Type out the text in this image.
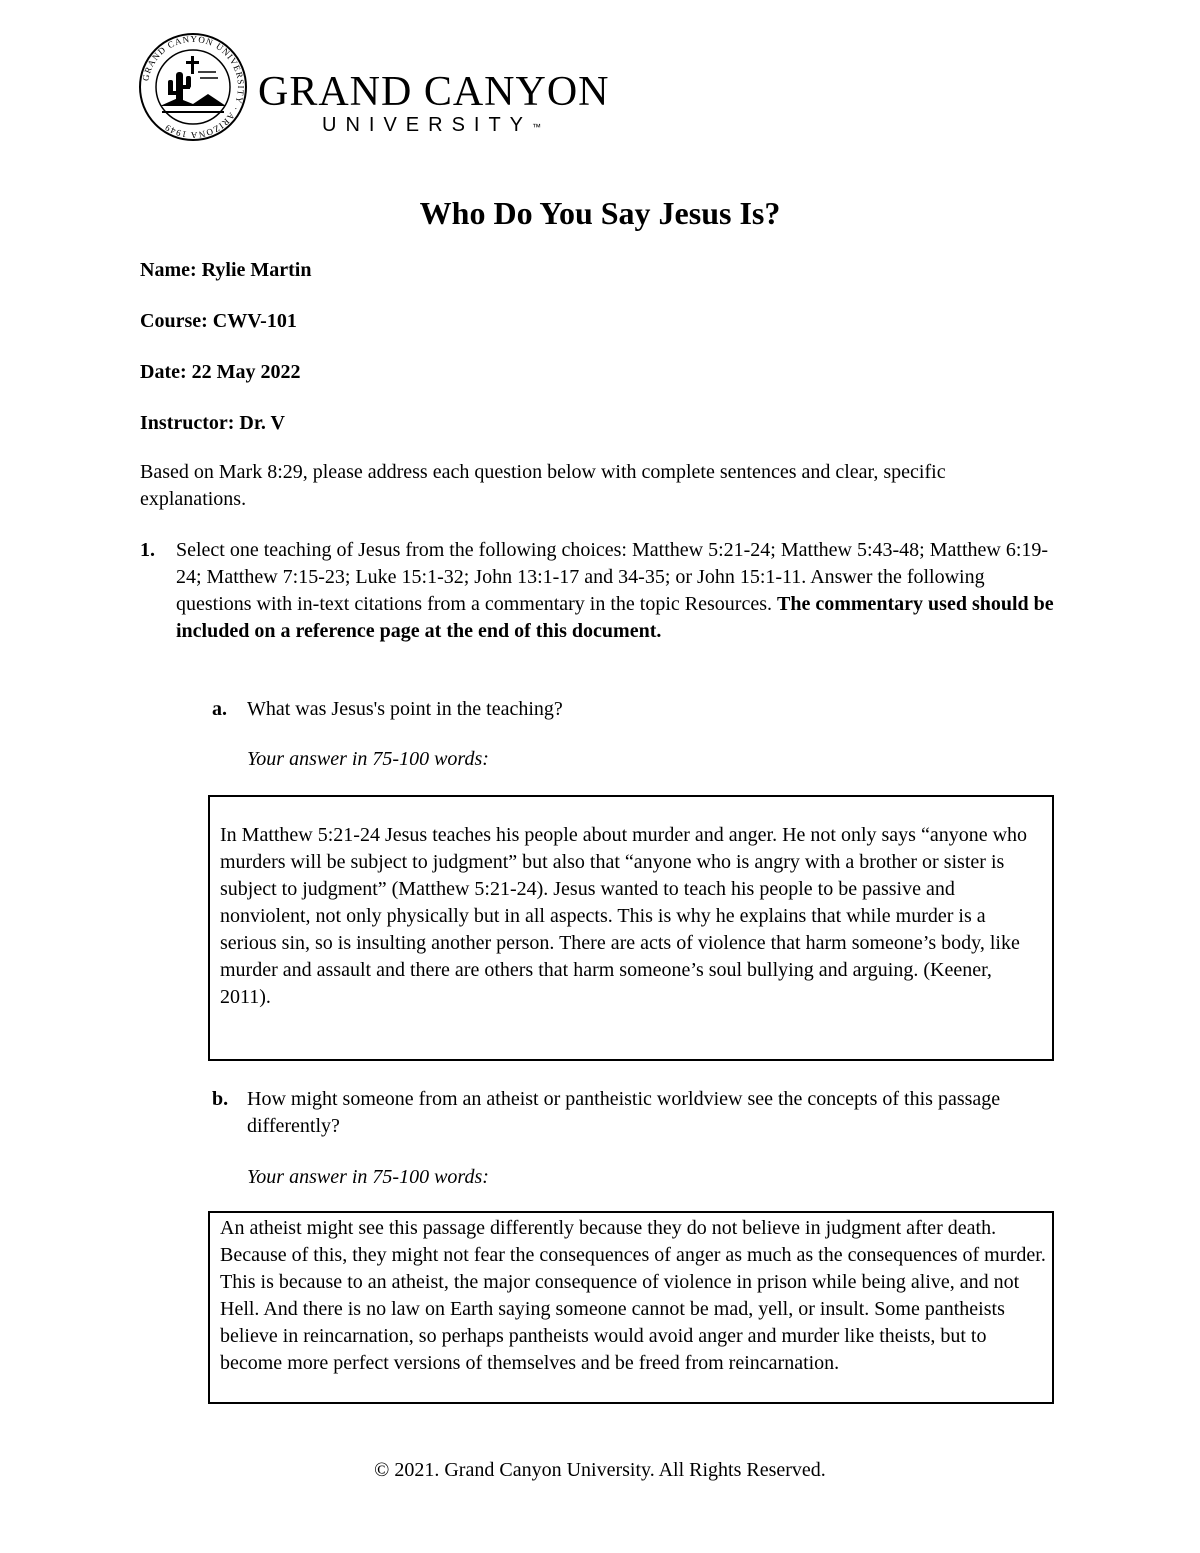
GRAND CANYON UNIVERSITY · ARIZONA 1949
GRAND CANYON
UNIVERSITY™
Who Do You Say Jesus Is?
Name: Rylie Martin
Course: CWV-101
Date: 22 May 2022
Instructor: Dr. V
Based on Mark 8:29, please address each question below with complete sentences and clear, specific explanations.
1. Select one teaching of Jesus from the following choices: Matthew 5:21-24; Matthew 5:43-48; Matthew 6:19-24; Matthew 7:15-23; Luke 15:1-32; John 13:1-17 and 34-35; or John 15:1-11. Answer the following questions with in-text citations from a commentary in the topic Resources. The commentary used should be included on a reference page at the end of this document.
a. What was Jesus's point in the teaching?
Your answer in 75-100 words:
In Matthew 5:21-24 Jesus teaches his people about murder and anger. He not only says “anyone who murders will be subject to judgment” but also that “anyone who is angry with a brother or sister is subject to judgment” (Matthew 5:21-24). Jesus wanted to teach his people to be passive and nonviolent, not only physically but in all aspects. This is why he explains that while murder is a serious sin, so is insulting another person. There are acts of violence that harm someone’s body, like murder and assault and there are others that harm someone’s soul bullying and arguing. (Keener, 2011).
b. How might someone from an atheist or pantheistic worldview see the concepts of this passage differently?
Your answer in 75-100 words:
An atheist might see this passage differently because they do not believe in judgment after death. Because of this, they might not fear the consequences of anger as much as the consequences of murder. This is because to an atheist, the major consequence of violence in prison while being alive, and not Hell. And there is no law on Earth saying someone cannot be mad, yell, or insult. Some pantheists believe in reincarnation, so perhaps pantheists would avoid anger and murder like theists, but to become more perfect versions of themselves and be freed from reincarnation.
© 2021. Grand Canyon University. All Rights Reserved.
